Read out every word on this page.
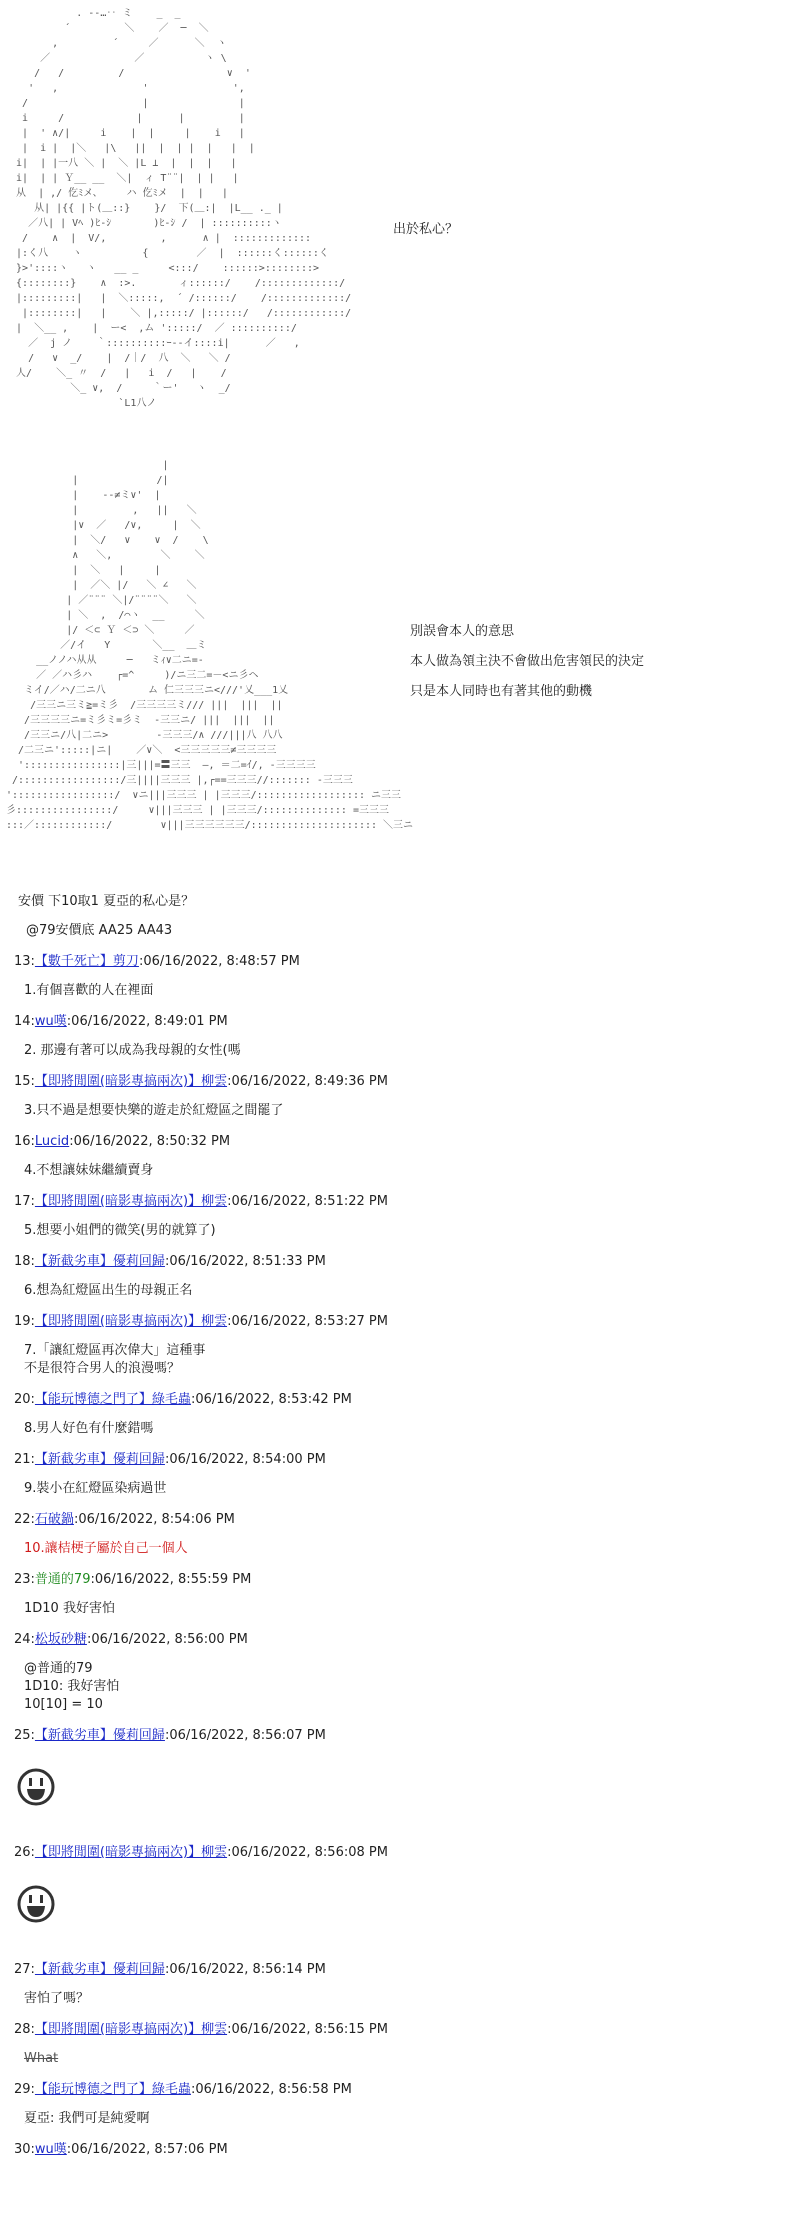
. -‐…‥ ミ    _  _
´         ＼    ／  ─  ＼
,         ´     ／      ＼  ヽ
／              ／          ヽ \
/   /         /                 ∨  '
'   ,              '              ',
/                   |               |
i     /            |      |         |
|  ' ∧/|     i    |  |     |    i   |
|  i |  |＼   |\   ||  |  | |  |   |  |
i|  | |一八 ＼ |  ＼ |L ⊥  |  |  |   |
i|  | | Ｙ__ __  ＼|  ィ T¨¨|  | |   |
从  | ,/ 仡ﾐメ、    ハ 仡ﾐメ  |  |   |
从| |{{ |ト(＿::}    }/  下(＿:|  |L__ ._ |
／八| | Vﾍ )ﾋ‐ｼ       )ﾋ‐ｼ /  | ::::::::::ヽ
/    ∧  |  V/,         ,      ∧ |  :::::::::::::
|:く八    ヽ          {        ／  |  ::::::く::::::く
}>'::::ヽ   ヽ   __ _     <:::/    ::::::>::::::::>
{::::::::}    ∧  :>.       ィ::::::/    /:::::::::::::/
|:::::::::|   |  ＼:::::,  ´ /::::::/    /:::::::::::::/
|::::::::|   |    ＼ |,:::::/ |::::::/   /::::::::::::/
|  ＼__ ,    |  ー<  ,ム ':::::/  ／ ::::::::::/
／  j ノ    ｀::::::::::ｰ--イ::::i|      ／   ,
/   ∨  _/    |  /｜/  八  ＼   ＼ /
人/    ＼_ 〃  /   |   i  /   |    /
＼_ ∨,  /     ｀ー'   ヽ  _/
`L1八ノ
出於私心？
|
|             /|
|    -‐≠ミ∨'  |
|         ,   ||   ＼
|∨  ／   /∨,     |  ＼
|  ＼/   ∨    ∨  /    \
∧   ＼,        ＼    ＼
|  ＼   |     |
|  ／＼ |/   ＼ ∠   ＼
| ／¨¨¨ ＼|/¨¨¨¨＼   ＼
| ＼  ,  /⌒ヽ  __     ＼
|/ ＜⊂ Ｙ ＜⊃ ＼     ／
／/イ   Y       ＼__  ＿ミ
__ノノハ从从     ─   ミｨ∨二ニ=‐
／ ／ハ彡ハ    ┌=^     )/ニ三二=－<ニ彡ヘ
ミイ/／ハ/二ニ八       ム 仁三三三ニ<///'乂___1乂
/三三ニ三ミ≧=ミ彡  /三三三三ミ/// |||  |||  ||
/三三三三ニ=ミ彡ミ=彡ミ  -三三ニ/ |||  |||  ||
/三三ニ/八|二ニ>        -三三三/∧ ///|||八 八八
/二三ニ':::::|ニ|    ／∨＼  <三三三三三≠三三三三
'::::::::::::::::|三|||=〓三三  ―, ＝二=ｲ/, -三三三三
/:::::::::::::::::/三||||三三三 |,┌==三三三//::::::: -三三三
':::::::::::::::::/  ∨ニ|||三三三 | |三三三/:::::::::::::::::: ニ三三
彡::::::::::::::::/     ∨|||三三三 | |三三三/:::::::::::::: =三三三
:::／::::::::::::/        ∨|||三三三三三三/::::::::::::::::::::: ＼三ニ
別誤會本人的意思
本人做為領主決不會做出危害領民的決定
只是本人同時也有著其他的動機
安價 下10取1 夏亞的私心是？
@79安價底 AA25 AA43
13:【數千死亡】剪刀:06/16/2022, 8:48:57 PM
1.有個喜歡的人在裡面
14:wu嘆:06/16/2022, 8:49:01 PM
2. 那邊有著可以成為我母親的女性(嗎
15:【即將閒圍(暗影專搞兩次)】柳雲:06/16/2022, 8:49:36 PM
3.只不過是想要快樂的遊走於紅燈區之間罷了
16:Lucid:06/16/2022, 8:50:32 PM
4.不想讓妹妹繼續賣身
17:【即將閒圍(暗影專搞兩次)】柳雲:06/16/2022, 8:51:22 PM
5.想要小姐們的微笑(男的就算了)
18:【新截劣車】優莉回歸:06/16/2022, 8:51:33 PM
6.想為紅燈區出生的母親正名
19:【即將閒圍(暗影專搞兩次)】柳雲:06/16/2022, 8:53:27 PM
7.「讓紅燈區再次偉大」這種事
不是很符合男人的浪漫嗎？
20:【能玩博德之門了】綠毛蟲:06/16/2022, 8:53:42 PM
8.男人好色有什麼錯嗎
21:【新截劣車】優莉回歸:06/16/2022, 8:54:00 PM
9.裝小在紅燈區染病過世
22:石破鍋:06/16/2022, 8:54:06 PM
10.讓桔梗子屬於自己一個人
23:普通的79:06/16/2022, 8:55:59 PM
1D10 我好害怕
24:松坂砂糖:06/16/2022, 8:56:00 PM
@普通的79
1D10: 我好害怕
10[10] = 10
25:【新截劣車】優莉回歸:06/16/2022, 8:56:07 PM
26:【即將閒圍(暗影專搞兩次)】柳雲:06/16/2022, 8:56:08 PM
27:【新截劣車】優莉回歸:06/16/2022, 8:56:14 PM
害怕了嗎？
28:【即將閒圍(暗影專搞兩次)】柳雲:06/16/2022, 8:56:15 PM
What
29:【能玩博德之門了】綠毛蟲:06/16/2022, 8:56:58 PM
夏亞: 我們可是純愛啊
30:wu嘆:06/16/2022, 8:57:06 PM
